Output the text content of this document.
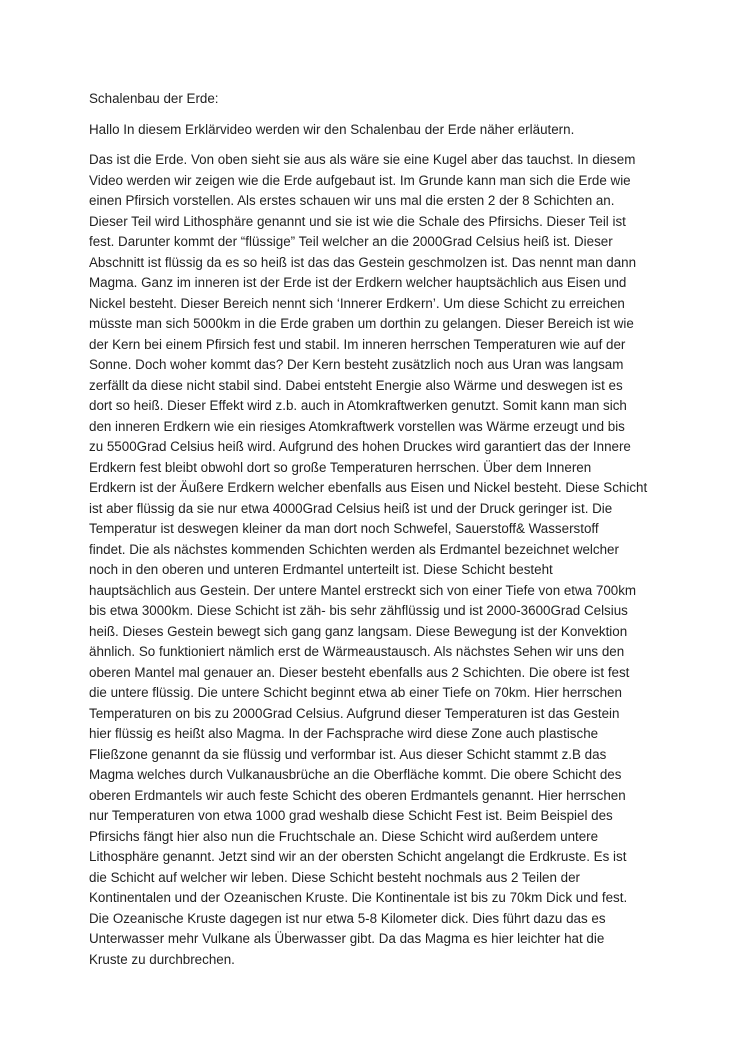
Schalenbau der Erde:

Hallo In diesem Erklärvideo werden wir den Schalenbau der Erde näher erläutern.

Das ist die Erde. Von oben sieht sie aus als wäre sie eine Kugel aber das tauchst. In diesem
Video werden wir zeigen wie die Erde aufgebaut ist. Im Grunde kann man sich die Erde wie
einen Pfirsich vorstellen. Als erstes schauen wir uns mal die ersten 2 der 8 Schichten an.
Dieser Teil wird Lithosphäre genannt und sie ist wie die Schale des Pfirsichs. Dieser Teil ist
fest. Darunter kommt der “flüssige” Teil welcher an die 2000Grad Celsius heiß ist. Dieser
Abschnitt ist flüssig da es so heiß ist das das Gestein geschmolzen ist. Das nennt man dann
Magma. Ganz im inneren ist der Erde ist der Erdkern welcher hauptsächlich aus Eisen und
Nickel besteht. Dieser Bereich nennt sich ‘Innerer Erdkern’. Um diese Schicht zu erreichen
müsste man sich 5000km in die Erde graben um dorthin zu gelangen. Dieser Bereich ist wie
der Kern bei einem Pfirsich fest und stabil. Im inneren herrschen Temperaturen wie auf der
Sonne. Doch woher kommt das? Der Kern besteht zusätzlich noch aus Uran was langsam
zerfällt da diese nicht stabil sind. Dabei entsteht Energie also Wärme und deswegen ist es
dort so heiß. Dieser Effekt wird z.b. auch in Atomkraftwerken genutzt. Somit kann man sich
den inneren Erdkern wie ein riesiges Atomkraftwerk vorstellen was Wärme erzeugt und bis
zu 5500Grad Celsius heiß wird. Aufgrund des hohen Druckes wird garantiert das der Innere
Erdkern fest bleibt obwohl dort so große Temperaturen herrschen. Über dem Inneren
Erdkern ist der Äußere Erdkern welcher ebenfalls aus Eisen und Nickel besteht. Diese Schicht
ist aber flüssig da sie nur etwa 4000Grad Celsius heiß ist und der Druck geringer ist. Die
Temperatur ist deswegen kleiner da man dort noch Schwefel, Sauerstoff& Wasserstoff
findet. Die als nächstes kommenden Schichten werden als Erdmantel bezeichnet welcher
noch in den oberen und unteren Erdmantel unterteilt ist. Diese Schicht besteht
hauptsächlich aus Gestein. Der untere Mantel erstreckt sich von einer Tiefe von etwa 700km
bis etwa 3000km. Diese Schicht ist zäh- bis sehr zähflüssig und ist 2000-3600Grad Celsius
heiß. Dieses Gestein bewegt sich gang ganz langsam. Diese Bewegung ist der Konvektion
ähnlich. So funktioniert nämlich erst de Wärmeaustausch. Als nächstes Sehen wir uns den
oberen Mantel mal genauer an. Dieser besteht ebenfalls aus 2 Schichten. Die obere ist fest
die untere flüssig. Die untere Schicht beginnt etwa ab einer Tiefe on 70km. Hier herrschen
Temperaturen on bis zu 2000Grad Celsius. Aufgrund dieser Temperaturen ist das Gestein
hier flüssig es heißt also Magma. In der Fachsprache wird diese Zone auch plastische
Fließzone genannt da sie flüssig und verformbar ist. Aus dieser Schicht stammt z.B das
Magma welches durch Vulkanausbrüche an die Oberfläche kommt. Die obere Schicht des
oberen Erdmantels wir auch feste Schicht des oberen Erdmantels genannt. Hier herrschen
nur Temperaturen von etwa 1000 grad weshalb diese Schicht Fest ist. Beim Beispiel des
Pfirsichs fängt hier also nun die Fruchtschale an. Diese Schicht wird außerdem untere
Lithosphäre genannt. Jetzt sind wir an der obersten Schicht angelangt die Erdkruste. Es ist
die Schicht auf welcher wir leben. Diese Schicht besteht nochmals aus 2 Teilen der
Kontinentalen und der Ozeanischen Kruste. Die Kontinentale ist bis zu 70km Dick und fest.
Die Ozeanische Kruste dagegen ist nur etwa 5-8 Kilometer dick. Dies führt dazu das es
Unterwasser mehr Vulkane als Überwasser gibt. Da das Magma es hier leichter hat die
Kruste zu durchbrechen.
